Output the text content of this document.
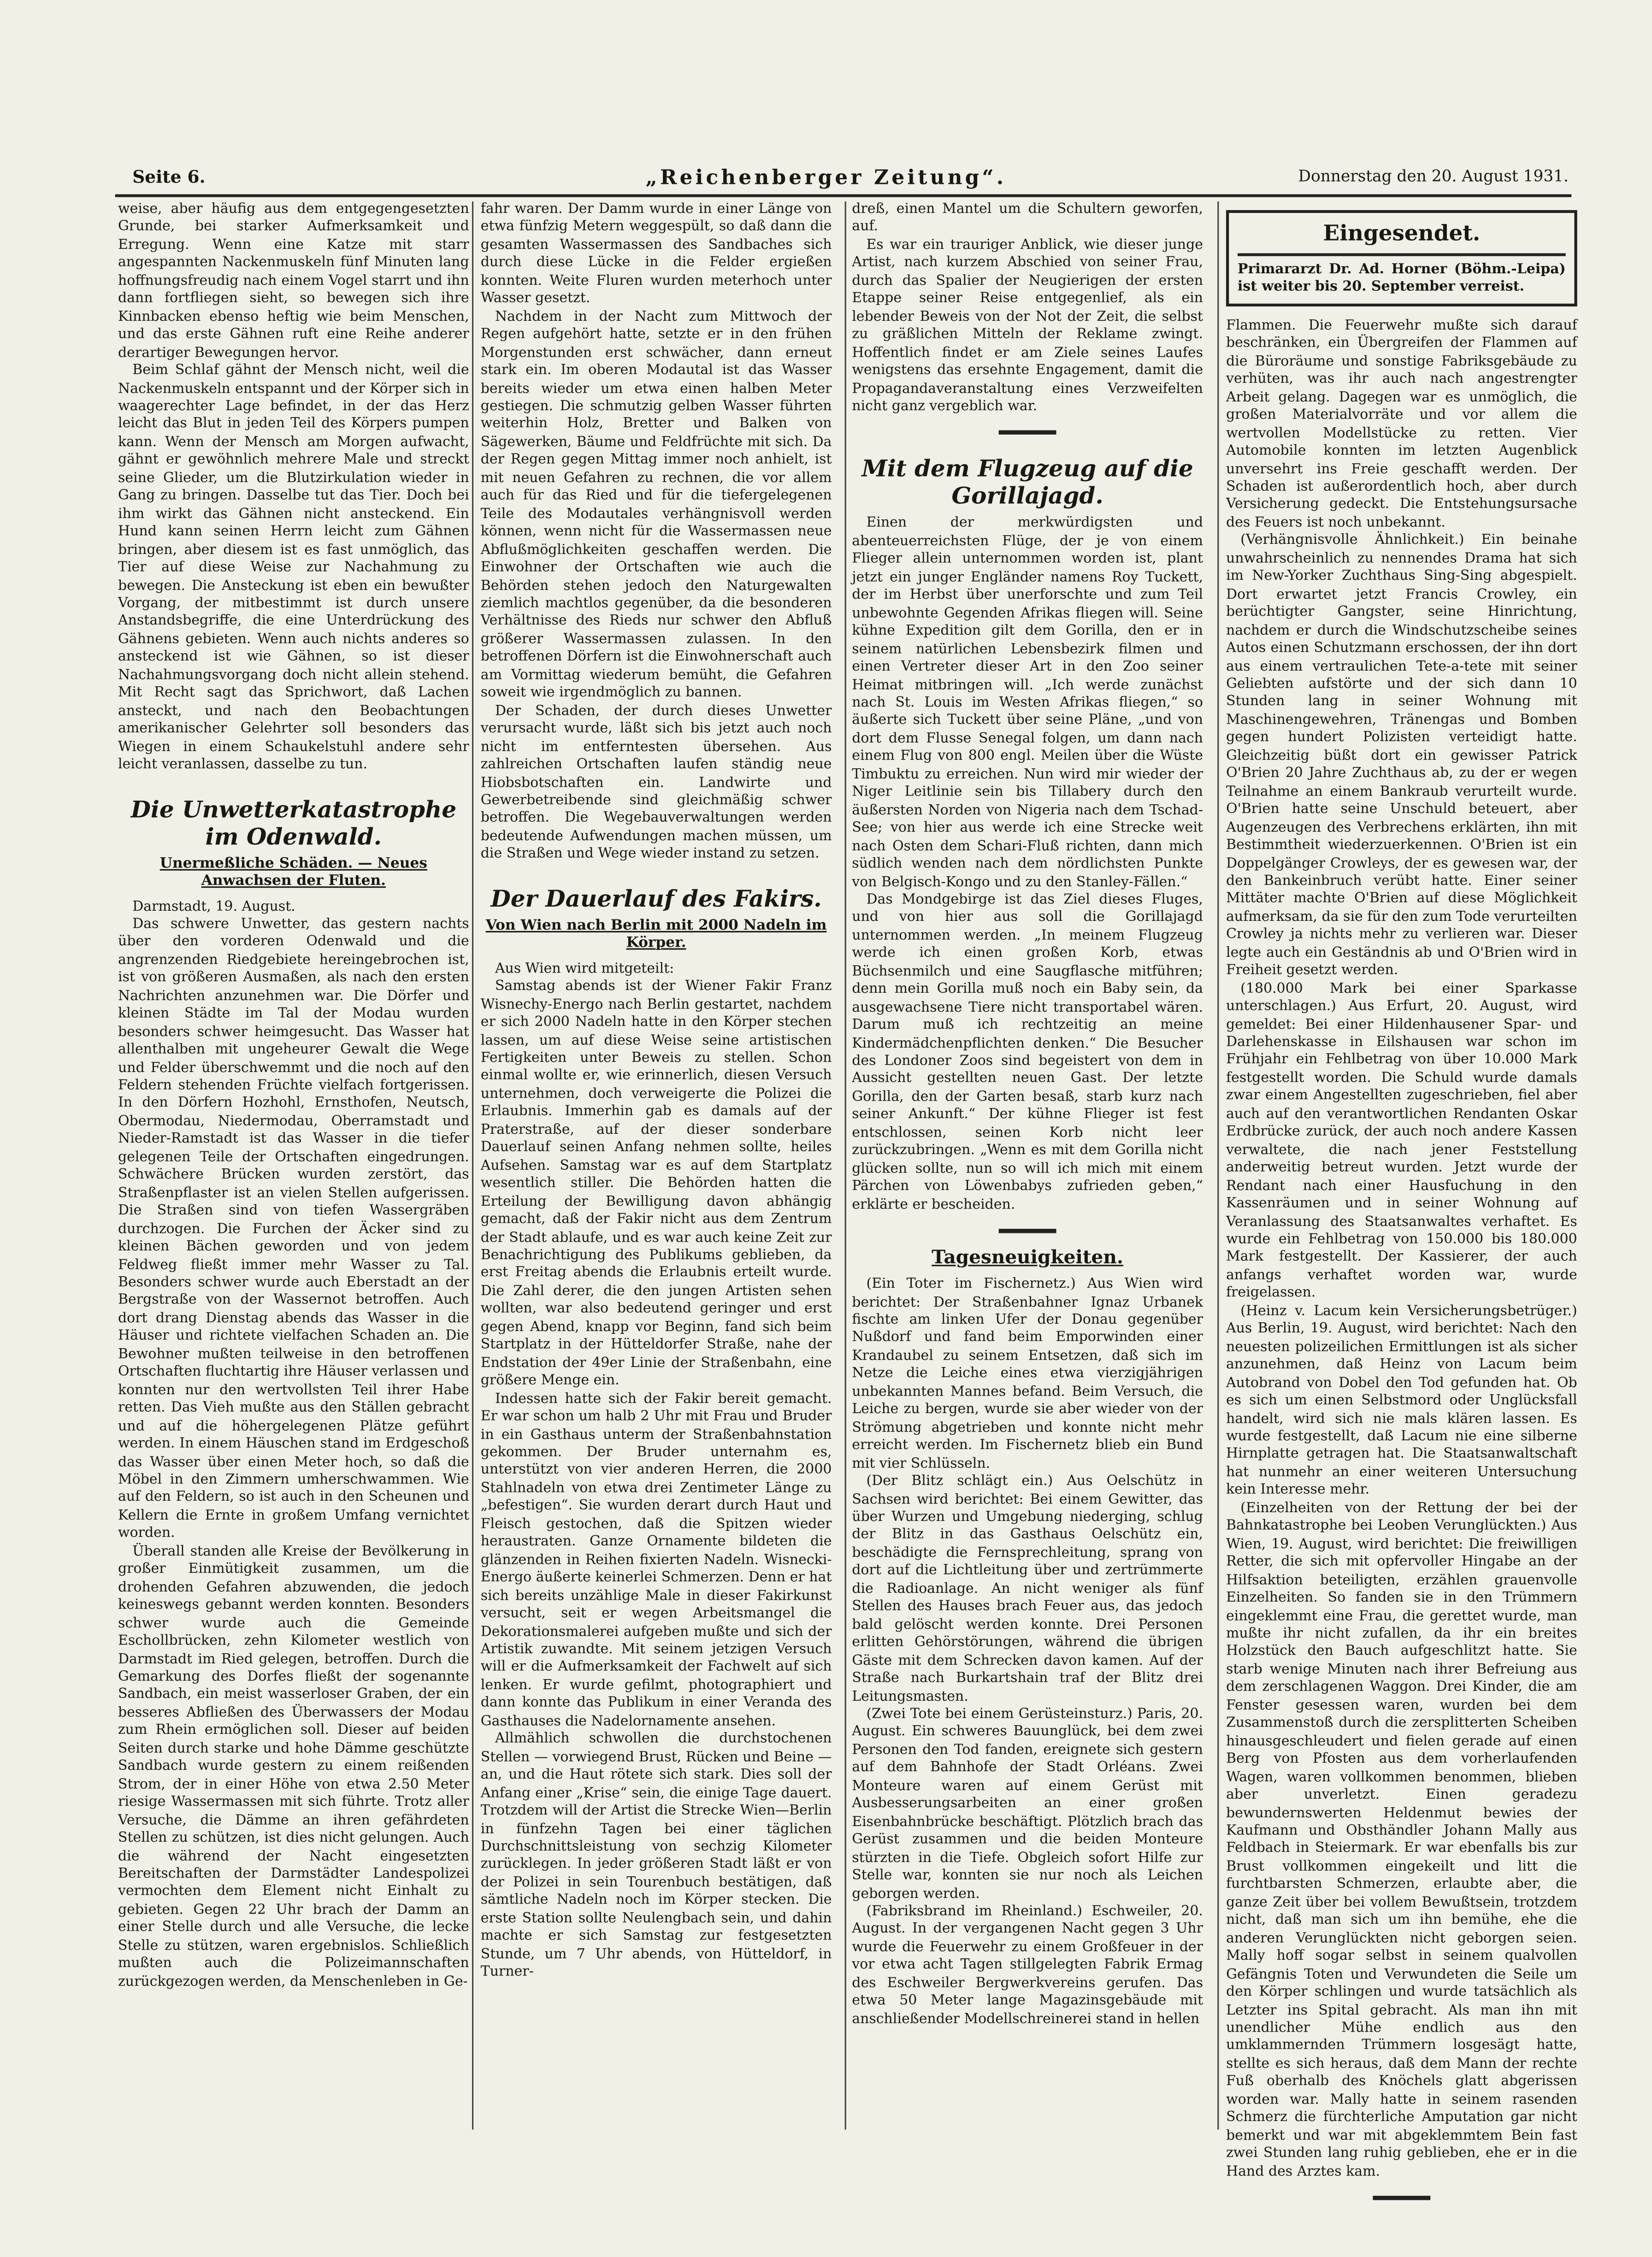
Seite 6.	„Reichenberger Zeitung“.	Donnerstag den 20. August 1931.

weise, aber häufig aus dem entgegengesetzten Grunde, bei starker Aufmerksamkeit und Erregung. Wenn eine Katze mit starr angespannten Nackenmuskeln fünf Minuten lang hoffnungsfreudig nach einem Vogel starrt und ihn dann fortfliegen sieht, so bewegen sich ihre Kinnbacken ebenso heftig wie beim Menschen, und das erste Gähnen ruft eine Reihe anderer derartiger Bewegungen hervor.

Beim Schlaf gähnt der Mensch nicht, weil die Nackenmuskeln entspannt und der Körper sich in waagerechter Lage befindet, in der das Herz leicht das Blut in jeden Teil des Körpers pumpen kann. Wenn der Mensch am Morgen aufwacht, gähnt er gewöhnlich mehrere Male und streckt seine Glieder, um die Blutzirkulation wieder in Gang zu bringen. Dasselbe tut das Tier. Doch bei ihm wirkt das Gähnen nicht ansteckend. Ein Hund kann seinen Herrn leicht zum Gähnen bringen, aber diesem ist es fast unmöglich, das Tier auf diese Weise zur Nachahmung zu bewegen. Die Ansteckung ist eben ein bewußter Vorgang, der mitbestimmt ist durch unsere Anstandsbegriffe, die eine Unterdrückung des Gähnens gebieten. Wenn auch nichts anderes so ansteckend ist wie Gähnen, so ist dieser Nachahmungsvorgang doch nicht allein stehend. Mit Recht sagt das Sprichwort, daß Lachen ansteckt, und nach den Beobachtungen amerikanischer Gelehrter soll besonders das Wiegen in einem Schaukelstuhl andere sehr leicht veranlassen, dasselbe zu tun.

Die Unwetterkatastrophe im Odenwald.
Unermeßliche Schäden. — Neues Anwachsen der Fluten.

Darmstadt, 19. August.

Das schwere Unwetter, das gestern nachts über den vorderen Odenwald und die angrenzenden Riedgebiete hereingebrochen ist, ist von größeren Ausmaßen, als nach den ersten Nachrichten anzunehmen war. Die Dörfer und kleinen Städte im Tal der Modau wurden besonders schwer heimgesucht. Das Wasser hat allenthalben mit ungeheurer Gewalt die Wege und Felder überschwemmt und die noch auf den Feldern stehenden Früchte vielfach fortgerissen. In den Dörfern Hozhohl, Ernsthofen, Neutsch, Obermodau, Niedermodau, Oberramstadt und Nieder-Ramstadt ist das Wasser in die tiefer gelegenen Teile der Ortschaften eingedrungen. Schwächere Brücken wurden zerstört, das Straßenpflaster ist an vielen Stellen aufgerissen. Die Straßen sind von tiefen Wassergräben durchzogen. Die Furchen der Äcker sind zu kleinen Bächen geworden und von jedem Feldweg fließt immer mehr Wasser zu Tal. Besonders schwer wurde auch Eberstadt an der Bergstraße von der Wassernot betroffen. Auch dort drang Dienstag abends das Wasser in die Häuser und richtete vielfachen Schaden an. Die Bewohner mußten teilweise in den betroffenen Ortschaften fluchtartig ihre Häuser verlassen und konnten nur den wertvollsten Teil ihrer Habe retten. Das Vieh mußte aus den Ställen gebracht und auf die höhergelegenen Plätze geführt werden. In einem Häuschen stand im Erdgeschoß das Wasser über einen Meter hoch, so daß die Möbel in den Zimmern umherschwammen. Wie auf den Feldern, so ist auch in den Scheunen und Kellern die Ernte in großem Umfang vernichtet worden.

Überall standen alle Kreise der Bevölkerung in großer Einmütigkeit zusammen, um die drohenden Gefahren abzuwenden, die jedoch keineswegs gebannt werden konnten. Besonders schwer wurde auch die Gemeinde Eschollbrücken, zehn Kilometer westlich von Darmstadt im Ried gelegen, betroffen. Durch die Gemarkung des Dorfes fließt der sogenannte Sandbach, ein meist wasserloser Graben, der ein besseres Abfließen des Überwassers der Modau zum Rhein ermöglichen soll. Dieser auf beiden Seiten durch starke und hohe Dämme geschützte Sandbach wurde gestern zu einem reißenden Strom, der in einer Höhe von etwa 2.50 Meter riesige Wassermassen mit sich führte. Trotz aller Versuche, die Dämme an ihren gefährdeten Stellen zu schützen, ist dies nicht gelungen. Auch die während der Nacht eingesetzten Bereitschaften der Darmstädter Landespolizei vermochten dem Element nicht Einhalt zu gebieten. Gegen 22 Uhr brach der Damm an einer Stelle durch und alle Versuche, die lecke Stelle zu stützen, waren ergebnislos. Schließlich mußten auch die Polizeimannschaften zurückgezogen werden, da Menschenleben in Ge-

fahr waren. Der Damm wurde in einer Länge von etwa fünfzig Metern weggespült, so daß dann die gesamten Wassermassen des Sandbaches sich durch diese Lücke in die Felder ergießen konnten. Weite Fluren wurden meterhoch unter Wasser gesetzt.

Nachdem in der Nacht zum Mittwoch der Regen aufgehört hatte, setzte er in den frühen Morgenstunden erst schwächer, dann erneut stark ein. Im oberen Modautal ist das Wasser bereits wieder um etwa einen halben Meter gestiegen. Die schmutzig gelben Wasser führten weiterhin Holz, Bretter und Balken von Sägewerken, Bäume und Feldfrüchte mit sich. Da der Regen gegen Mittag immer noch anhielt, ist mit neuen Gefahren zu rechnen, die vor allem auch für das Ried und für die tiefergelegenen Teile des Modautales verhängnisvoll werden können, wenn nicht für die Wassermassen neue Abflußmöglichkeiten geschaffen werden. Die Einwohner der Ortschaften wie auch die Behörden stehen jedoch den Naturgewalten ziemlich machtlos gegenüber, da die besonderen Verhältnisse des Rieds nur schwer den Abfluß größerer Wassermassen zulassen. In den betroffenen Dörfern ist die Einwohnerschaft auch am Vormittag wiederum bemüht, die Gefahren soweit wie irgendmöglich zu bannen.

Der Schaden, der durch dieses Unwetter verursacht wurde, läßt sich bis jetzt auch noch nicht im entferntesten übersehen. Aus zahlreichen Ortschaften laufen ständig neue Hiobsbotschaften ein. Landwirte und Gewerbetreibende sind gleichmäßig schwer betroffen. Die Wegebauverwaltungen werden bedeutende Aufwendungen machen müssen, um die Straßen und Wege wieder instand zu setzen.

Der Dauerlauf des Fakirs.
Von Wien nach Berlin mit 2000 Nadeln im Körper.

Aus Wien wird mitgeteilt:

Samstag abends ist der Wiener Fakir Franz Wisnechy-Energo nach Berlin gestartet, nachdem er sich 2000 Nadeln hatte in den Körper stechen lassen, um auf diese Weise seine artistischen Fertigkeiten unter Beweis zu stellen. Schon einmal wollte er, wie erinnerlich, diesen Versuch unternehmen, doch verweigerte die Polizei die Erlaubnis. Immerhin gab es damals auf der Praterstraße, auf der dieser sonderbare Dauerlauf seinen Anfang nehmen sollte, heiles Aufsehen. Samstag war es auf dem Startplatz wesentlich stiller. Die Behörden hatten die Erteilung der Bewilligung davon abhängig gemacht, daß der Fakir nicht aus dem Zentrum der Stadt ablaufe, und es war auch keine Zeit zur Benachrichtigung des Publikums geblieben, da erst Freitag abends die Erlaubnis erteilt wurde. Die Zahl derer, die den jungen Artisten sehen wollten, war also bedeutend geringer und erst gegen Abend, knapp vor Beginn, fand sich beim Startplatz in der Hütteldorfer Straße, nahe der Endstation der 49er Linie der Straßenbahn, eine größere Menge ein.

Indessen hatte sich der Fakir bereit gemacht. Er war schon um halb 2 Uhr mit Frau und Bruder in ein Gasthaus unterm der Straßenbahnstation gekommen. Der Bruder unternahm es, unterstützt von vier anderen Herren, die 2000 Stahlnadeln von etwa drei Zentimeter Länge zu „befestigen“. Sie wurden derart durch Haut und Fleisch gestochen, daß die Spitzen wieder heraustraten. Ganze Ornamente bildeten die glänzenden in Reihen fixierten Nadeln. Wisnecki-Energo äußerte keinerlei Schmerzen. Denn er hat sich bereits unzählige Male in dieser Fakirkunst versucht, seit er wegen Arbeitsmangel die Dekorationsmalerei aufgeben mußte und sich der Artistik zuwandte. Mit seinem jetzigen Versuch will er die Aufmerksamkeit der Fachwelt auf sich lenken. Er wurde gefilmt, photographiert und dann konnte das Publikum in einer Veranda des Gasthauses die Nadelornamente ansehen.

Allmählich schwollen die durchstochenen Stellen — vorwiegend Brust, Rücken und Beine — an, und die Haut rötete sich stark. Dies soll der Anfang einer „Krise“ sein, die einige Tage dauert. Trotzdem will der Artist die Strecke Wien—Berlin in fünfzehn Tagen bei einer täglichen Durchschnittsleistung von sechzig Kilometer zurücklegen. In jeder größeren Stadt läßt er von der Polizei in sein Tourenbuch bestätigen, daß sämtliche Nadeln noch im Körper stecken. Die erste Station sollte Neulengbach sein, und dahin machte er sich Samstag zur festgesetzten Stunde, um 7 Uhr abends, von Hütteldorf, in Turner-

dreß, einen Mantel um die Schultern geworfen, auf.

Es war ein trauriger Anblick, wie dieser junge Artist, nach kurzem Abschied von seiner Frau, durch das Spalier der Neugierigen der ersten Etappe seiner Reise entgegenlief, als ein lebender Beweis von der Not der Zeit, die selbst zu gräßlichen Mitteln der Reklame zwingt. Hoffentlich findet er am Ziele seines Laufes wenigstens das ersehnte Engagement, damit die Propagandaveranstaltung eines Verzweifelten nicht ganz vergeblich war.

Mit dem Flugzeug auf die Gorillajagd.

Einen der merkwürdigsten und abenteuerreichsten Flüge, der je von einem Flieger allein unternommen worden ist, plant jetzt ein junger Engländer namens Roy Tuckett, der im Herbst über unerforschte und zum Teil unbewohnte Gegenden Afrikas fliegen will. Seine kühne Expedition gilt dem Gorilla, den er in seinem natürlichen Lebensbezirk filmen und einen Vertreter dieser Art in den Zoo seiner Heimat mitbringen will. „Ich werde zunächst nach St. Louis im Westen Afrikas fliegen,“ so äußerte sich Tuckett über seine Pläne, „und von dort dem Flusse Senegal folgen, um dann nach einem Flug von 800 engl. Meilen über die Wüste Timbuktu zu erreichen. Nun wird mir wieder der Niger Leitlinie sein bis Tillabery durch den äußersten Norden von Nigeria nach dem Tschad-See; von hier aus werde ich eine Strecke weit nach Osten dem Schari-Fluß richten, dann mich südlich wenden nach dem nördlichsten Punkte von Belgisch-Kongo und zu den Stanley-Fällen.“

Das Mondgebirge ist das Ziel dieses Fluges, und von hier aus soll die Gorillajagd unternommen werden. „In meinem Flugzeug werde ich einen großen Korb, etwas Büchsenmilch und eine Saugflasche mitführen; denn mein Gorilla muß noch ein Baby sein, da ausgewachsene Tiere nicht transportabel wären. Darum muß ich rechtzeitig an meine Kindermädchenpflichten denken.“ Die Besucher des Londoner Zoos sind begeistert von dem in Aussicht gestellten neuen Gast. Der letzte Gorilla, den der Garten besaß, starb kurz nach seiner Ankunft.“ Der kühne Flieger ist fest entschlossen, seinen Korb nicht leer zurückzubringen. „Wenn es mit dem Gorilla nicht glücken sollte, nun so will ich mich mit einem Pärchen von Löwenbabys zufrieden geben,“ erklärte er bescheiden.

Tagesneuigkeiten.

(Ein Toter im Fischernetz.) Aus Wien wird berichtet: Der Straßenbahner Ignaz Urbanek fischte am linken Ufer der Donau gegenüber Nußdorf und fand beim Emporwinden einer Krandaubel zu seinem Entsetzen, daß sich im Netze die Leiche eines etwa vierzigjährigen unbekannten Mannes befand. Beim Versuch, die Leiche zu bergen, wurde sie aber wieder von der Strömung abgetrieben und konnte nicht mehr erreicht werden. Im Fischernetz blieb ein Bund mit vier Schlüsseln.

(Der Blitz schlägt ein.) Aus Oelschütz in Sachsen wird berichtet: Bei einem Gewitter, das über Wurzen und Umgebung niederging, schlug der Blitz in das Gasthaus Oelschütz ein, beschädigte die Fernsprechleitung, sprang von dort auf die Lichtleitung über und zertrümmerte die Radioanlage. An nicht weniger als fünf Stellen des Hauses brach Feuer aus, das jedoch bald gelöscht werden konnte. Drei Personen erlitten Gehörstörungen, während die übrigen Gäste mit dem Schrecken davon kamen. Auf der Straße nach Burkartshain traf der Blitz drei Leitungsmasten.

(Zwei Tote bei einem Gerüsteinsturz.) Paris, 20. August. Ein schweres Bauunglück, bei dem zwei Personen den Tod fanden, ereignete sich gestern auf dem Bahnhofe der Stadt Orléans. Zwei Monteure waren auf einem Gerüst mit Ausbesserungsarbeiten an einer großen Eisenbahnbrücke beschäftigt. Plötzlich brach das Gerüst zusammen und die beiden Monteure stürzten in die Tiefe. Obgleich sofort Hilfe zur Stelle war, konnten sie nur noch als Leichen geborgen werden.

(Fabriksbrand im Rheinland.) Eschweiler, 20. August. In der vergangenen Nacht gegen 3 Uhr wurde die Feuerwehr zu einem Großfeuer in der vor etwa acht Tagen stillgelegten Fabrik Ermag des Eschweiler Bergwerkvereins gerufen. Das etwa 50 Meter lange Magazinsgebäude mit anschließender Modellschreinerei stand in hellen

Eingesendet.

Primararzt Dr. Ad. Horner (Böhm.-Leipa) ist weiter bis 20. September verreist.

Flammen. Die Feuerwehr mußte sich darauf beschränken, ein Übergreifen der Flammen auf die Büroräume und sonstige Fabriksgebäude zu verhüten, was ihr auch nach angestrengter Arbeit gelang. Dagegen war es unmöglich, die großen Materialvorräte und vor allem die wertvollen Modellstücke zu retten. Vier Automobile konnten im letzten Augenblick unversehrt ins Freie geschafft werden. Der Schaden ist außerordentlich hoch, aber durch Versicherung gedeckt. Die Entstehungsursache des Feuers ist noch unbekannt.

(Verhängnisvolle Ähnlichkeit.) Ein beinahe unwahrscheinlich zu nennendes Drama hat sich im New-Yorker Zuchthaus Sing-Sing abgespielt. Dort erwartet jetzt Francis Crowley, ein berüchtigter Gangster, seine Hinrichtung, nachdem er durch die Windschutzscheibe seines Autos einen Schutzmann erschossen, der ihn dort aus einem vertraulichen Tete-a-tete mit seiner Geliebten aufstörte und der sich dann 10 Stunden lang in seiner Wohnung mit Maschinengewehren, Tränengas und Bomben gegen hundert Polizisten verteidigt hatte. Gleichzeitig büßt dort ein gewisser Patrick O'Brien 20 Jahre Zuchthaus ab, zu der er wegen Teilnahme an einem Bankraub verurteilt wurde. O'Brien hatte seine Unschuld beteuert, aber Augenzeugen des Verbrechens erklärten, ihn mit Bestimmtheit wiederzuerkennen. O'Brien ist ein Doppelgänger Crowleys, der es gewesen war, der den Bankeinbruch verübt hatte. Einer seiner Mittäter machte O'Brien auf diese Möglichkeit aufmerksam, da sie für den zum Tode verurteilten Crowley ja nichts mehr zu verlieren war. Dieser legte auch ein Geständnis ab und O'Brien wird in Freiheit gesetzt werden.

(180.000 Mark bei einer Sparkasse unterschlagen.) Aus Erfurt, 20. August, wird gemeldet: Bei einer Hildenhausener Spar- und Darlehenskasse in Eilshausen war schon im Frühjahr ein Fehlbetrag von über 10.000 Mark festgestellt worden. Die Schuld wurde damals zwar einem Angestellten zugeschrieben, fiel aber auch auf den verantwortlichen Rendanten Oskar Erdbrücke zurück, der auch noch andere Kassen verwaltete, die nach jener Feststellung anderweitig betreut wurden. Jetzt wurde der Rendant nach einer Hausfuchung in den Kassenräumen und in seiner Wohnung auf Veranlassung des Staatsanwaltes verhaftet. Es wurde ein Fehlbetrag von 150.000 bis 180.000 Mark festgestellt. Der Kassierer, der auch anfangs verhaftet worden war, wurde freigelassen.

(Heinz v. Lacum kein Versicherungsbetrüger.) Aus Berlin, 19. August, wird berichtet: Nach den neuesten polizeilichen Ermittlungen ist als sicher anzunehmen, daß Heinz von Lacum beim Autobrand von Dobel den Tod gefunden hat. Ob es sich um einen Selbstmord oder Unglücksfall handelt, wird sich nie mals klären lassen. Es wurde festgestellt, daß Lacum nie eine silberne Hirnplatte getragen hat. Die Staatsanwaltschaft hat nunmehr an einer weiteren Untersuchung kein Interesse mehr.

(Einzelheiten von der Rettung der bei der Bahnkatastrophe bei Leoben Verunglückten.) Aus Wien, 19. August, wird berichtet: Die freiwilligen Retter, die sich mit opfervoller Hingabe an der Hilfsaktion beteiligten, erzählen grauenvolle Einzelheiten. So fanden sie in den Trümmern eingeklemmt eine Frau, die gerettet wurde, man mußte ihr nicht zufallen, da ihr ein breites Holzstück den Bauch aufgeschlitzt hatte. Sie starb wenige Minuten nach ihrer Befreiung aus dem zerschlagenen Waggon. Drei Kinder, die am Fenster gesessen waren, wurden bei dem Zusammenstoß durch die zersplitterten Scheiben hinausgeschleudert und fielen gerade auf einen Berg von Pfosten aus dem vorherlaufenden Wagen, waren vollkommen benommen, blieben aber unverletzt. Einen geradezu bewundernswerten Heldenmut bewies der Kaufmann und Obsthändler Johann Mally aus Feldbach in Steiermark. Er war ebenfalls bis zur Brust vollkommen eingekeilt und litt die furchtbarsten Schmerzen, erlaubte aber, die ganze Zeit über bei vollem Bewußtsein, trotzdem nicht, daß man sich um ihn bemühe, ehe die anderen Verunglückten nicht geborgen seien. Mally hoff sogar selbst in seinem qualvollen Gefängnis Toten und Verwundeten die Seile um den Körper schlingen und wurde tatsächlich als Letzter ins Spital gebracht. Als man ihn mit unendlicher Mühe endlich aus den umklammernden Trümmern losgesägt hatte, stellte es sich heraus, daß dem Mann der rechte Fuß oberhalb des Knöchels glatt abgerissen worden war. Mally hatte in seinem rasenden Schmerz die fürchterliche Amputation gar nicht bemerkt und war mit abgeklemmtem Bein fast zwei Stunden lang ruhig geblieben, ehe er in die Hand des Arztes kam.
